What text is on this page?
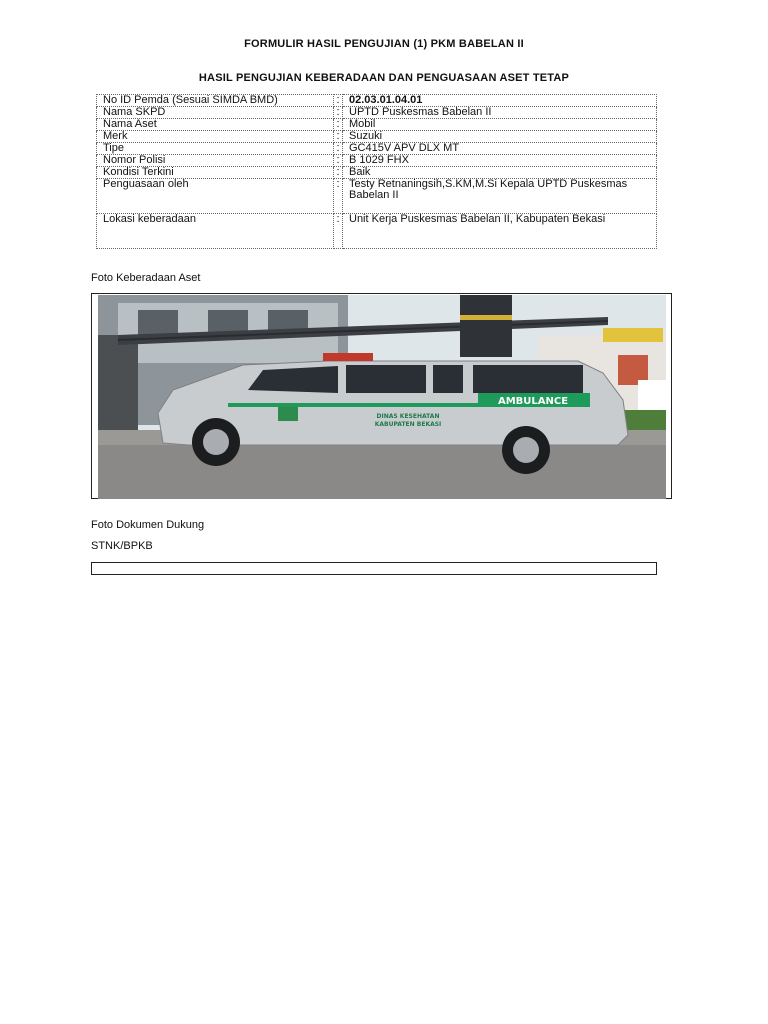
FORMULIR HASIL PENGUJIAN (1) PKM BABELAN II
HASIL PENGUJIAN KEBERADAAN DAN PENGUASAAN ASET TETAP
No ID Pemda (Sesuai SIMDA BMD)	:	02.03.01.04.01
Nama SKPD	:	UPTD Puskesmas Babelan II
Nama Aset	:	Mobil
Merk	:	Suzuki
Tipe	:	GC415V APV DLX MT
Nomor Polisi	:	B 1029 FHX
Kondisi Terkini	:	Baik
Penguasaan oleh	:	Testy Retnaningsih,S.KM,M.Si Kepala UPTD Puskesmas Babelan II
Lokasi keberadaan	:	Unit Kerja Puskesmas Babelan II, Kabupaten Bekasi
Foto Keberadaan Aset
AMBULANCE
DINAS KESEHATAN
KABUPATEN BEKASI
Foto Dokumen Dukung
STNK/BPKB
